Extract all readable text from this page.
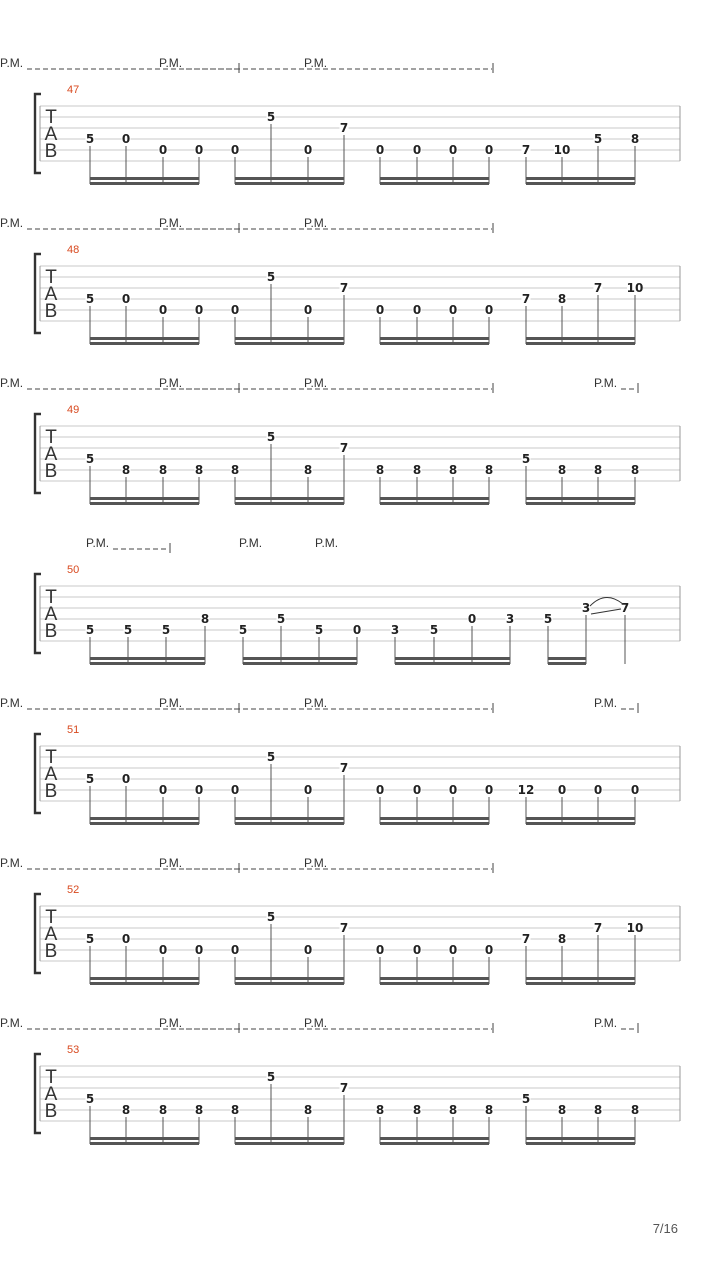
T
A
B
47
P.M.	P.M.
P.M.
5 0
0 0 0
5
0
7
0 0 0 0 7 10
5 8
T
A
B
48
P.M.	P.M.
P.M.
5 0
0 0 0
5
0
7
0 0 0 0
7 8
7 10
T
A
B
49
P.M.	P.M.
P.M.	P.M.
5
8 8 8 8
5
8
7
8 8 8 8
5
8 8 8
T
A
B
50
P.M.	P.M.	P.M.
5 5 5
8
5
5
5 0 3	5
0 3 5
3	7
T
A
B
51
P.M.	P.M.
P.M.	P.M.
5 0
0 0 0
5
0
7
0 0 0 0 12 0 0 0
T
A
B
52
P.M.	P.M.
P.M.
5 0
0 0 0
5
0
7
0 0 0 0
7 8
7 10
T
A
B
53
P.M.	P.M.
P.M.	P.M.
5
8 8 8 8
5
8
7
8 8 8 8
5
8 8 8
7/16
